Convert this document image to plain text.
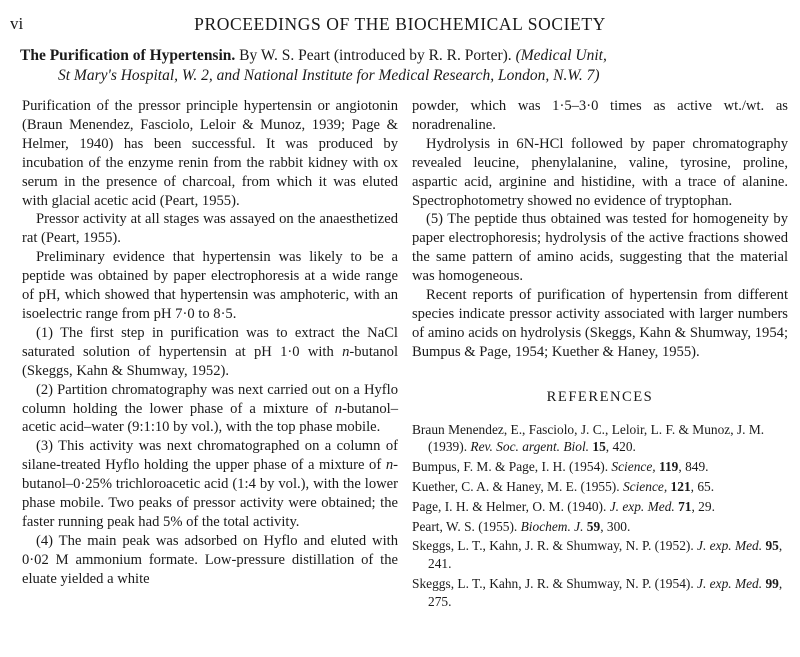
vi	PROCEEDINGS OF THE BIOCHEMICAL SOCIETY
The Purification of Hypertensin. By W. S. Peart (introduced by R. R. Porter). (Medical Unit,
St Mary's Hospital, W. 2, and National Institute for Medical Research, London, N.W. 7)

Purification of the pressor principle hypertensin or angiotonin (Braun Menendez, Fasciolo, Leloir & Munoz, 1939; Page & Helmer, 1940) has been successful. It was produced by incubation of the enzyme renin from the rabbit kidney with ox serum in the presence of charcoal, from which it was eluted with glacial acetic acid (Peart, 1955).

Pressor activity at all stages was assayed on the anaesthetized rat (Peart, 1955).

Preliminary evidence that hypertensin was likely to be a peptide was obtained by paper electrophoresis at a wide range of pH, which showed that hypertensin was amphoteric, with an isoelectric range from pH 7·0 to 8·5.

(1) The first step in purification was to extract the NaCl saturated solution of hypertensin at pH 1·0 with n-butanol (Skeggs, Kahn & Shumway, 1952).

(2) Partition chromatography was next carried out on a Hyflo column holding the lower phase of a mixture of n-butanol–acetic acid–water (9:1:10 by vol.), with the top phase mobile.

(3) This activity was next chromatographed on a column of silane-treated Hyflo holding the upper phase of a mixture of n-butanol–0·25% trichloroacetic acid (1:4 by vol.), with the lower phase mobile. Two peaks of pressor activity were obtained; the faster running peak had 5% of the total activity.

(4) The main peak was adsorbed on Hyflo and eluted with 0·02 M ammonium formate. Low-pressure distillation of the eluate yielded a white

powder, which was 1·5–3·0 times as active wt./wt. as noradrenaline.

Hydrolysis in 6N-HCl followed by paper chromatography revealed leucine, phenylalanine, valine, tyrosine, proline, aspartic acid, arginine and histidine, with a trace of alanine. Spectrophotometry showed no evidence of tryptophan.

(5) The peptide thus obtained was tested for homogeneity by paper electrophoresis; hydrolysis of the active fractions showed the same pattern of amino acids, suggesting that the material was homogeneous.

Recent reports of purification of hypertensin from different species indicate pressor activity associated with larger numbers of amino acids on hydrolysis (Skeggs, Kahn & Shumway, 1954; Bumpus & Page, 1954; Kuether & Haney, 1955).

REFERENCES
Braun Menendez, E., Fasciolo, J. C., Leloir, L. F. & Munoz, J. M. (1939). Rev. Soc. argent. Biol. 15, 420.
Bumpus, F. M. & Page, I. H. (1954). Science, 119, 849.
Kuether, C. A. & Haney, M. E. (1955). Science, 121, 65.
Page, I. H. & Helmer, O. M. (1940). J. exp. Med. 71, 29.
Peart, W. S. (1955). Biochem. J. 59, 300.
Skeggs, L. T., Kahn, J. R. & Shumway, N. P. (1952). J. exp. Med. 95, 241.
Skeggs, L. T., Kahn, J. R. & Shumway, N. P. (1954). J. exp. Med. 99, 275.
